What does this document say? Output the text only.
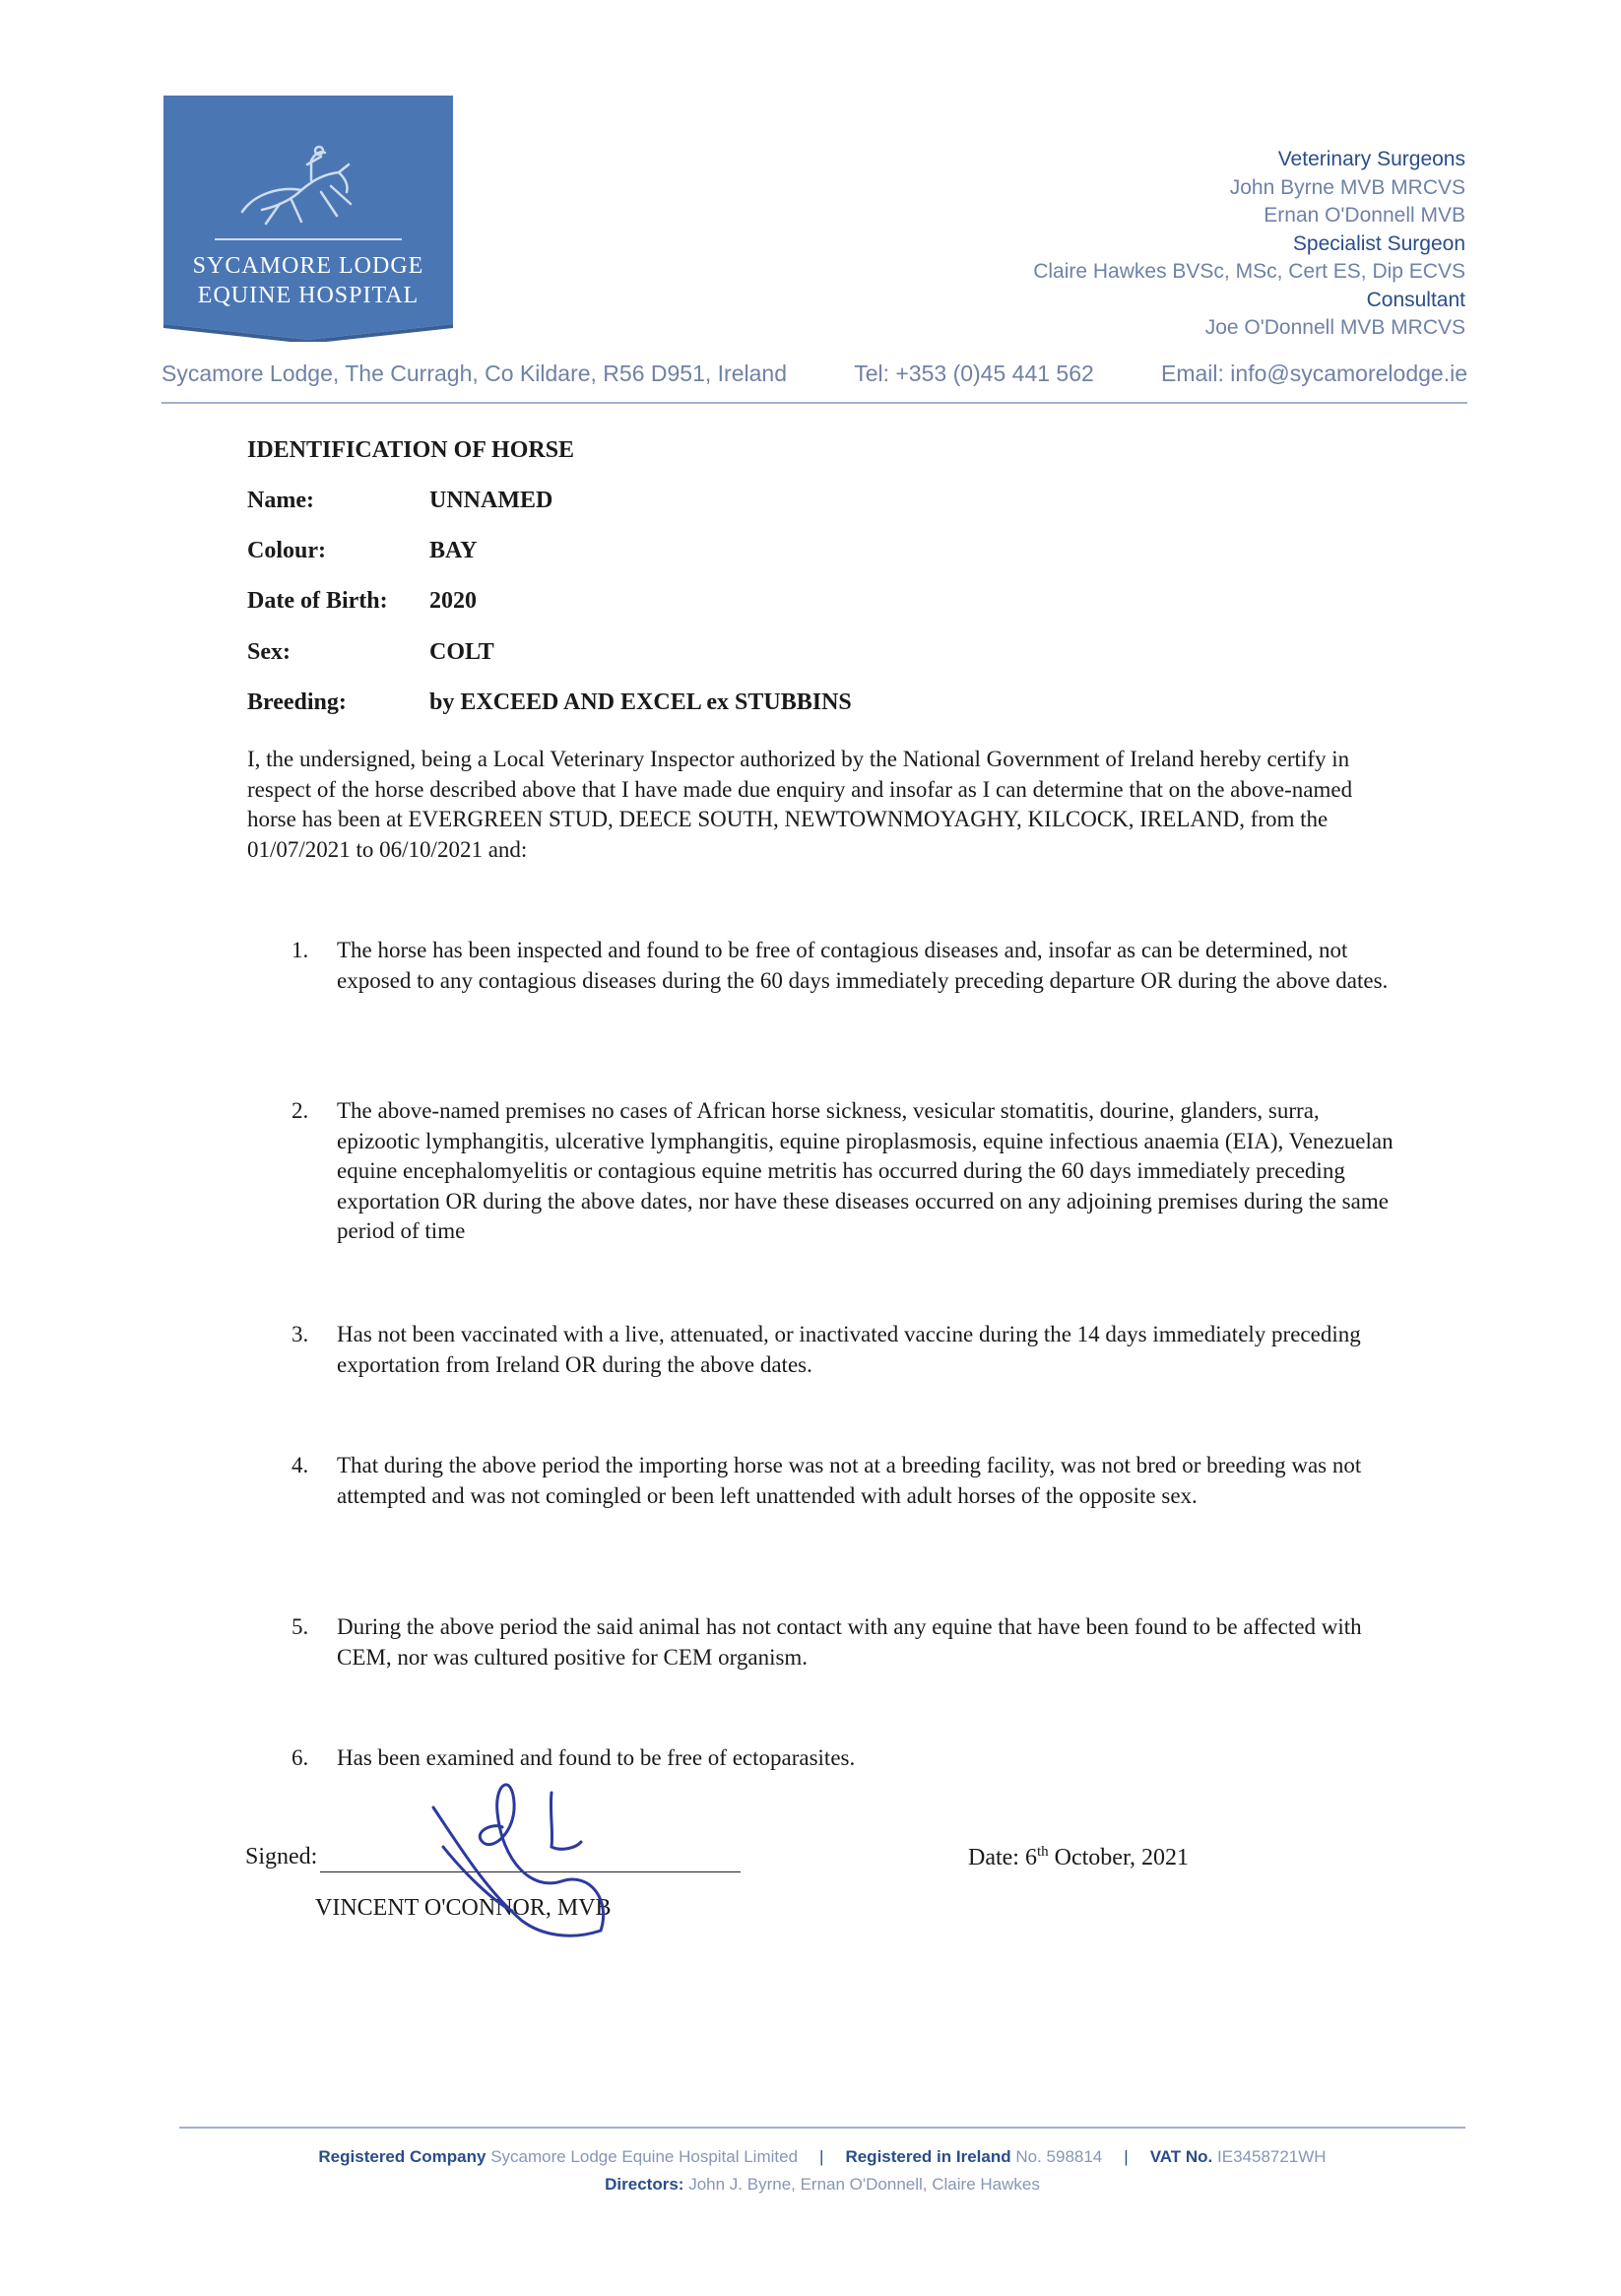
SYCAMORE LODGE
EQUINE HOSPITAL
Veterinary Surgeons
John Byrne MVB MRCVS
Ernan O'Donnell MVB
Specialist Surgeon
Claire Hawkes BVSc, MSc, Cert ES, Dip ECVS
Consultant
Joe O'Donnell MVB MRCVS
Sycamore Lodge, The Curragh, Co Kildare, R56 D951, Ireland	Tel: +353 (0)45 441 562	Email: info@sycamorelodge.ie
IDENTIFICATION OF HORSE
Name:	UNNAMED
Colour:	BAY
Date of Birth: 2020
Sex:	COLT
Breeding:	by EXCEED AND EXCEL ex STUBBINS
I, the undersigned, being a Local Veterinary Inspector authorized by the National Government of Ireland hereby certify in respect of the horse described above that I have made due enquiry and insofar as I can determine that on the above-named horse has been at EVERGREEN STUD, DEECE SOUTH, NEWTOWNMOYAGHY, KILCOCK, IRELAND, from the 01/07/2021 to 06/10/2021 and:
1.	The horse has been inspected and found to be free of contagious diseases and, insofar as can be determined, not exposed to any contagious diseases during the 60 days immediately preceding departure OR during the above dates.
2.	The above-named premises no cases of African horse sickness, vesicular stomatitis, dourine, glanders, surra, epizootic lymphangitis, ulcerative lymphangitis, equine piroplasmosis, equine infectious anaemia (EIA), Venezuelan equine encephalomyelitis or contagious equine metritis has occurred during the 60 days immediately preceding exportation OR during the above dates, nor have these diseases occurred on any adjoining premises during the same period of time
3.	Has not been vaccinated with a live, attenuated, or inactivated vaccine during the 14 days immediately preceding exportation from Ireland OR during the above dates.
4.	That during the above period the importing horse was not at a breeding facility, was not bred or breeding was not attempted and was not comingled or been left unattended with adult horses of the opposite sex.
5.	During the above period the said animal has not contact with any equine that have been found to be affected with CEM, nor was cultured positive for CEM organism.
6.	Has been examined and found to be free of ectoparasites.
Signed:
VINCENT O'CONNOR, MVB
Date: 6th October, 2021
Registered Company Sycamore Lodge Equine Hospital Limited | Registered in Ireland No. 598814 | VAT No. IE3458721WH
Directors: John J. Byrne, Ernan O'Donnell, Claire Hawkes
